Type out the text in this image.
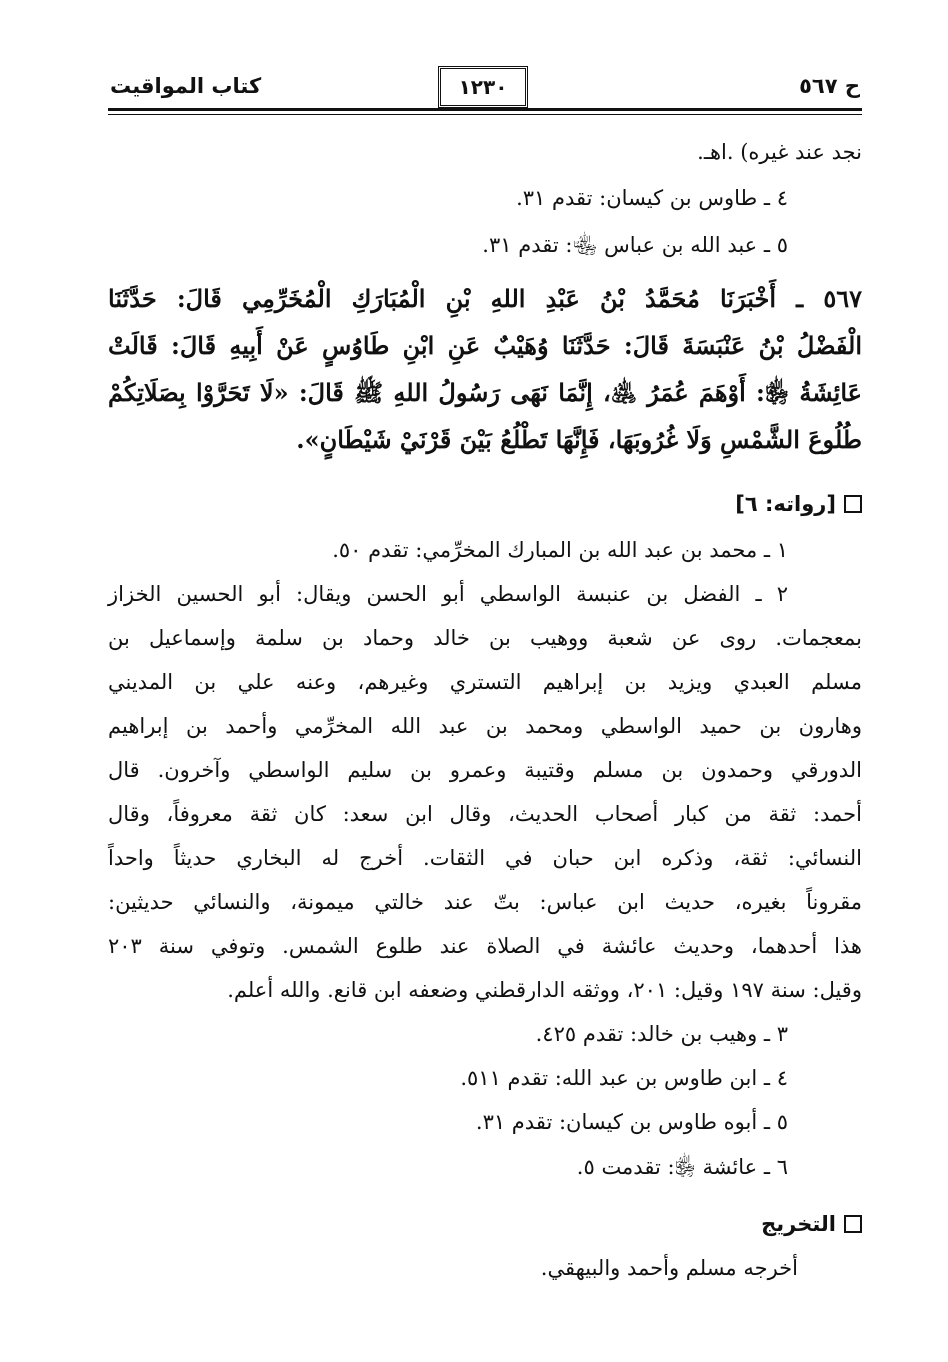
ح ٥٦٧
١٢٣٠
كتاب المواقيت
نجد عند غيره) .اهـ.
٤ ـ طاوس بن كيسان: تقدم ٣١.
٥ ـ عبد الله بن عباس ﵄: تقدم ٣١.
٥٦٧ ـ أَخْبَرَنَا مُحَمَّدُ بْنُ عَبْدِ اللهِ بْنِ الْمُبَارَكِ الْمُخَرِّمِي قَالَ: حَدَّثَنَا
الْفَضْلُ بْنُ عَنْبَسَةَ قَالَ: حَدَّثَنَا وُهَيْبٌ عَنِ ابْنِ طَاوُسٍ عَنْ أَبِيهِ قَالَ: قَالَتْ
عَائِشَةُ ﵂: أَوْهَمَ عُمَرُ ﵁، إِنَّمَا نَهَى رَسُولُ اللهِ ﷺ قَالَ: «لَا تَحَرَّوْا بِصَلَاتِكُمْ
طُلُوعَ الشَّمْسِ وَلَا غُرُوبَهَا، فَإِنَّهَا تَطْلُعُ بَيْنَ قَرْنَيْ شَيْطَانٍ».
[رواته: ٦]
١ ـ محمد بن عبد الله بن المبارك المخرِّمي: تقدم ٥٠.
٢ ـ الفضل بن عنبسة الواسطي أبو الحسن ويقال: أبو الحسين الخزاز
بمعجمات. روى عن شعبة ووهيب بن خالد وحماد بن سلمة وإسماعيل بن
مسلم العبدي ويزيد بن إبراهيم التستري وغيرهم، وعنه علي بن المديني
وهارون بن حميد الواسطي ومحمد بن عبد الله المخرِّمي وأحمد بن إبراهيم
الدورقي وحمدون بن مسلم وقتيبة وعمرو بن سليم الواسطي وآخرون. قال
أحمد: ثقة من كبار أصحاب الحديث، وقال ابن سعد: كان ثقة معروفاً، وقال
النسائي: ثقة، وذكره ابن حبان في الثقات. أخرج له البخاري حديثاً واحداً
مقروناً بغيره، حديث ابن عباس: بتّ عند خالتي ميمونة، والنسائي حديثين:
هذا أحدهما، وحديث عائشة في الصلاة عند طلوع الشمس. وتوفي سنة ٢٠٣
وقيل: سنة ١٩٧ وقيل: ٢٠١، ووثقه الدارقطني وضعفه ابن قانع. والله أعلم.
٣ ـ وهيب بن خالد: تقدم ٤٢٥.
٤ ـ ابن طاوس بن عبد الله: تقدم ٥١١.
٥ ـ أبوه طاوس بن كيسان: تقدم ٣١.
٦ ـ عائشة ﵂: تقدمت ٥.
التخريج
أخرجه مسلم وأحمد والبيهقي.
